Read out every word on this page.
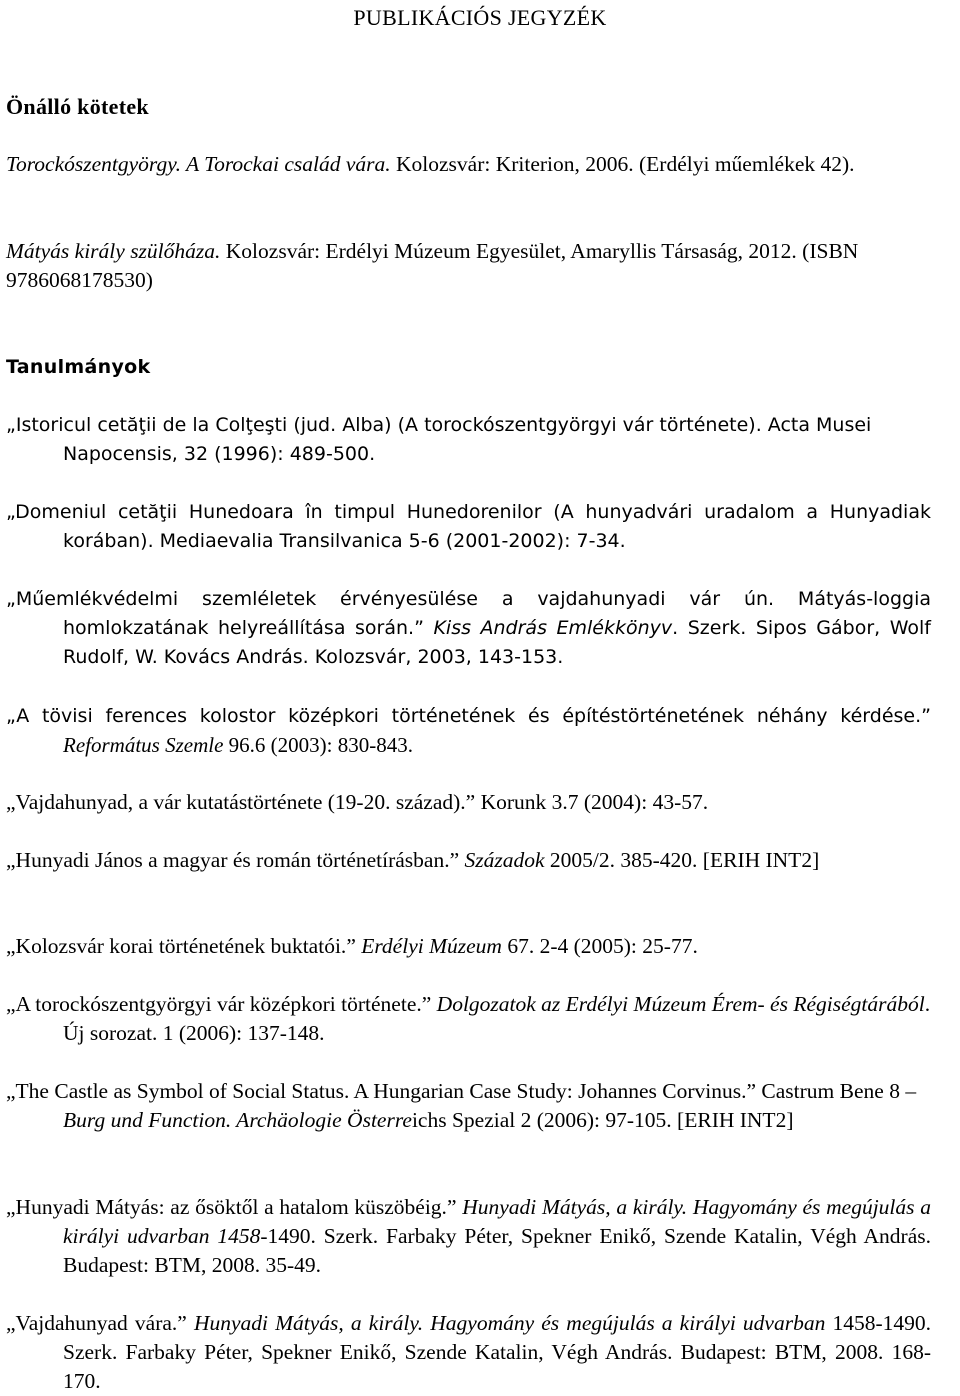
PUBLIKÁCIÓS JEGYZÉK
Önálló kötetek
Torockószentgyörgy. A Torockai család vára. Kolozsvár: Kriterion, 2006. (Erdélyi műemlékek 42).
Mátyás király szülőháza. Kolozsvár: Erdélyi Múzeum Egyesület, Amaryllis Társaság, 2012. (ISBN 9786068178530)
Tanulmányok
„Istoricul cetăţii de la Colţeşti (jud. Alba) (A torockószentgyörgyi vár története). Acta Musei Napocensis, 32 (1996): 489-500.
„Domeniul cetăţii Hunedoara în timpul Hunedorenilor (A hunyadvári uradalom a Hunyadiak korában). Mediaevalia Transilvanica 5-6 (2001-2002): 7-34.
„Műemlékvédelmi szemléletek érvényesülése a vajdahunyadi vár ún. Mátyás-loggia homlokzatának helyreállítása során.” Kiss András Emlékkönyv. Szerk. Sipos Gábor, Wolf Rudolf, W. Kovács András. Kolozsvár, 2003, 143-153.
„A tövisi ferences kolostor középkori történetének és építéstörténetének néhány kérdése.” Református Szemle 96.6 (2003): 830-843.
„Vajdahunyad, a vár kutatástörténete (19-20. század).” Korunk 3.7 (2004): 43-57.
„Hunyadi János a magyar és román történetírásban.” Századok 2005/2. 385-420. [ERIH INT2]
„Kolozsvár korai történetének buktatói.” Erdélyi Múzeum 67. 2-4 (2005): 25-77.
„A torockószentgyörgyi vár középkori története.” Dolgozatok az Erdélyi Múzeum Érem- és Régiségtárából. Új sorozat. 1 (2006): 137-148.
„The Castle as Symbol of Social Status. A Hungarian Case Study: Johannes Corvinus.” Castrum Bene 8 – Burg und Function. Archäologie Österreichs Spezial 2 (2006): 97-105. [ERIH INT2]
„Hunyadi Mátyás: az ősöktől a hatalom küszöbéig.” Hunyadi Mátyás, a király. Hagyomány és megújulás a királyi udvarban 1458-1490. Szerk. Farbaky Péter, Spekner Enikő, Szende Katalin, Végh András. Budapest: BTM, 2008. 35-49.
„Vajdahunyad vára.” Hunyadi Mátyás, a király. Hagyomány és megújulás a királyi udvarban 1458-1490. Szerk. Farbaky Péter, Spekner Enikő, Szende Katalin, Végh András. Budapest: BTM, 2008. 168-170.
